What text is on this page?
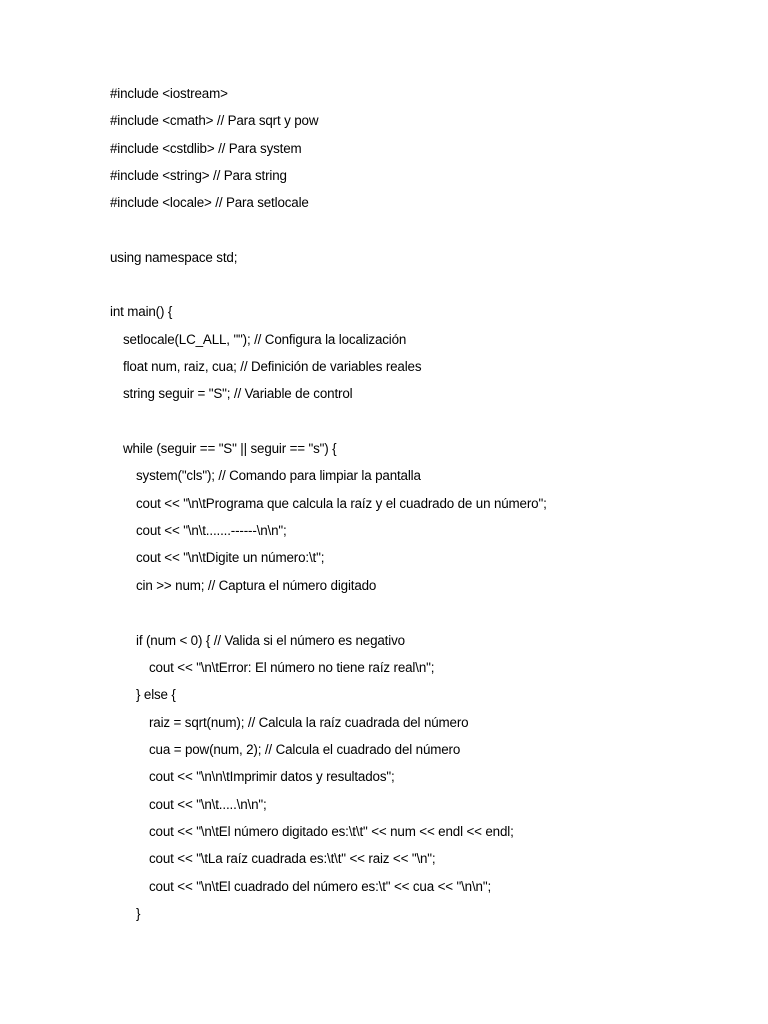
#include <iostream>
#include <cmath> // Para sqrt y pow
#include <cstdlib> // Para system
#include <string> // Para string
#include <locale> // Para setlocale
using namespace std;
int main() {
setlocale(LC_ALL, ""); // Configura la localización
float num, raiz, cua; // Definición de variables reales
string seguir = "S"; // Variable de control
while (seguir == "S" || seguir == "s") {
system("cls"); // Comando para limpiar la pantalla
cout << "\n\tPrograma que calcula la raíz y el cuadrado de un número";
cout << "\n\t.......------\n\n";
cout << "\n\tDigite un número:\t";
cin >> num; // Captura el número digitado
if (num < 0) { // Valida si el número es negativo
cout << "\n\tError: El número no tiene raíz real\n";
} else {
raiz = sqrt(num); // Calcula la raíz cuadrada del número
cua = pow(num, 2); // Calcula el cuadrado del número
cout << "\n\n\tImprimir datos y resultados";
cout << "\n\t.....\n\n";
cout << "\n\tEl número digitado es:\t\t" << num << endl << endl;
cout << "\tLa raíz cuadrada es:\t\t" << raiz << "\n";
cout << "\n\tEl cuadrado del número es:\t" << cua << "\n\n";
}
